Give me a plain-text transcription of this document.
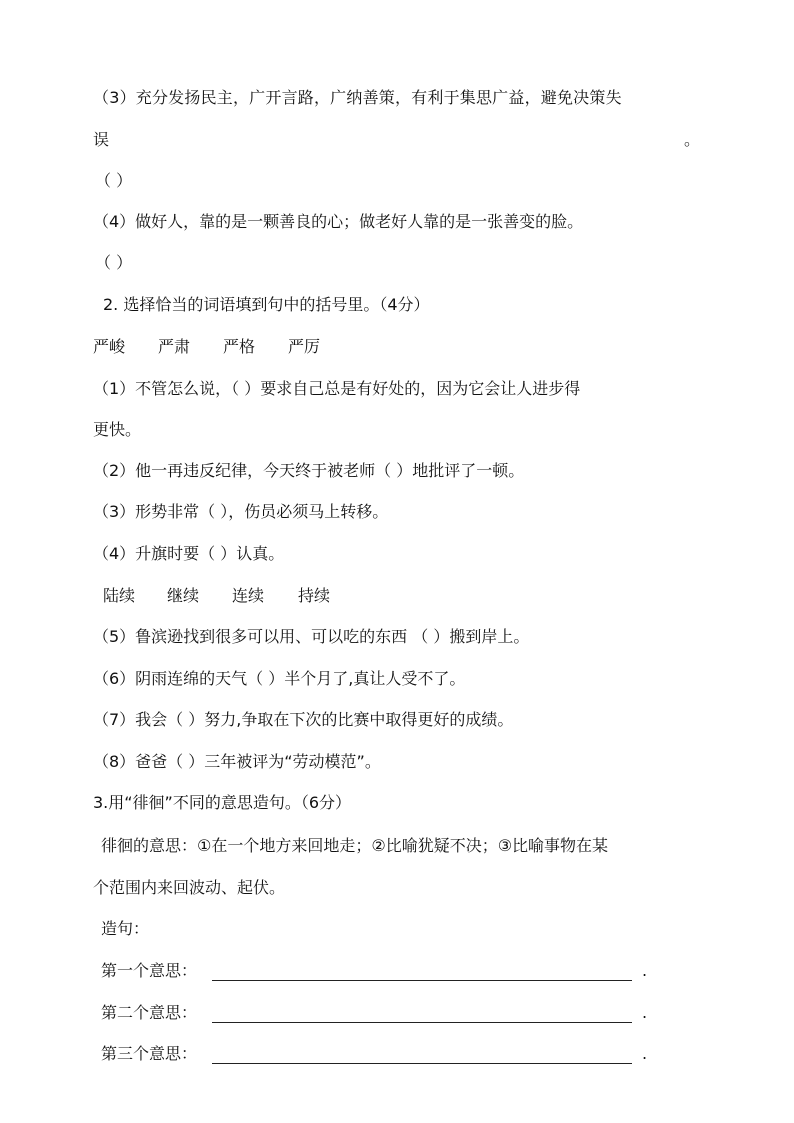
（3）充分发扬民主，广开言路，广纳善策，有利于集思广益，避免决策失
误	。
（ ）
（4）做好人，靠的是一颗善良的心；做老好人靠的是一张善变的脸。
（ ）
2. 选择恰当的词语填到句中的括号里。（4分）
严峻 严肃 严格 严厉
（1）不管怎么说，（ ）要求自己总是有好处的，因为它会让人进步得
更快。
（2）他一再违反纪律，今天终于被老师（ ）地批评了一顿。
（3）形势非常（ ），伤员必须马上转移。
（4）升旗时要（ ）认真。
陆续 继续 连续 持续
（5）鲁滨逊找到很多可以用、可以吃的东西 （ ）搬到岸上。
（6）阴雨连绵的天气（ ）半个月了,真让人受不了。
（7）我会（ ）努力,争取在下次的比赛中取得更好的成绩。
（8）爸爸（ ）三年被评为“劳动模范”。
3.用“徘徊”不同的意思造句。（6分）
徘徊的意思：①在一个地方来回地走；②比喻犹疑不决；③比喻事物在某
个范围内来回波动、起伏。
造句：
第一个意思：	.
第二个意思：	.
第三个意思：	.
